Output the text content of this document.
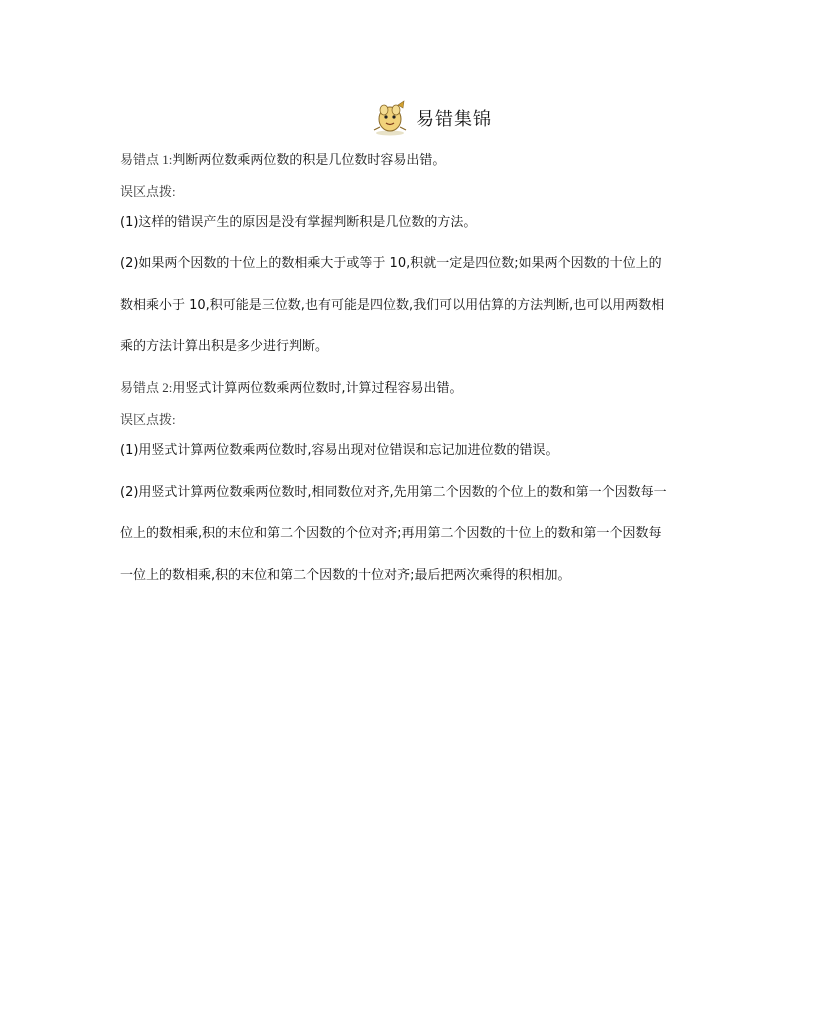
易错集锦
易错点 1:判断两位数乘两位数的积是几位数时容易出错。
误区点拨:
(1)这样的错误产生的原因是没有掌握判断积是几位数的方法。
(2)如果两个因数的十位上的数相乘大于或等于 10,积就一定是四位数;如果两个因数的十位上的
数相乘小于 10,积可能是三位数,也有可能是四位数,我们可以用估算的方法判断,也可以用两数相
乘的方法计算出积是多少进行判断。
易错点 2:用竖式计算两位数乘两位数时,计算过程容易出错。
误区点拨:
(1)用竖式计算两位数乘两位数时,容易出现对位错误和忘记加进位数的错误。
(2)用竖式计算两位数乘两位数时,相同数位对齐,先用第二个因数的个位上的数和第一个因数每一
位上的数相乘,积的末位和第二个因数的个位对齐;再用第二个因数的十位上的数和第一个因数每
一位上的数相乘,积的末位和第二个因数的十位对齐;最后把两次乘得的积相加。
